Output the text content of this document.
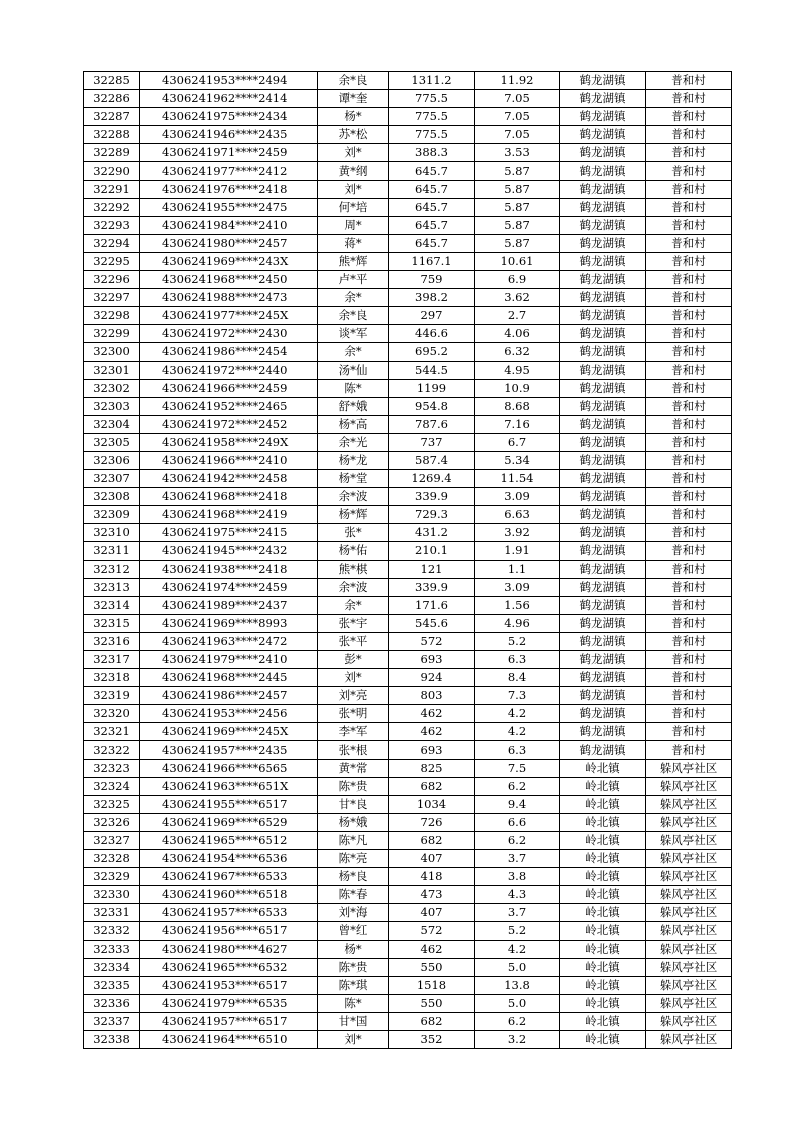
32285	4306241953****2494	余*良	1311.2	11.92	鹤龙湖镇	普和村
32286	4306241962****2414	谭*奎	775.5	7.05	鹤龙湖镇	普和村
32287	4306241975****2434	杨*	775.5	7.05	鹤龙湖镇	普和村
32288	4306241946****2435	苏*松	775.5	7.05	鹤龙湖镇	普和村
32289	4306241971****2459	刘*	388.3	3.53	鹤龙湖镇	普和村
32290	4306241977****2412	黄*纲	645.7	5.87	鹤龙湖镇	普和村
32291	4306241976****2418	刘*	645.7	5.87	鹤龙湖镇	普和村
32292	4306241955****2475	何*培	645.7	5.87	鹤龙湖镇	普和村
32293	4306241984****2410	周*	645.7	5.87	鹤龙湖镇	普和村
32294	4306241980****2457	蒋*	645.7	5.87	鹤龙湖镇	普和村
32295	4306241969****243X	熊*辉	1167.1	10.61	鹤龙湖镇	普和村
32296	4306241968****2450	卢*平	759	6.9	鹤龙湖镇	普和村
32297	4306241988****2473	余*	398.2	3.62	鹤龙湖镇	普和村
32298	4306241977****245X	余*良	297	2.7	鹤龙湖镇	普和村
32299	4306241972****2430	谈*军	446.6	4.06	鹤龙湖镇	普和村
32300	4306241986****2454	余*	695.2	6.32	鹤龙湖镇	普和村
32301	4306241972****2440	汤*仙	544.5	4.95	鹤龙湖镇	普和村
32302	4306241966****2459	陈*	1199	10.9	鹤龙湖镇	普和村
32303	4306241952****2465	舒*娥	954.8	8.68	鹤龙湖镇	普和村
32304	4306241972****2452	杨*高	787.6	7.16	鹤龙湖镇	普和村
32305	4306241958****249X	余*光	737	6.7	鹤龙湖镇	普和村
32306	4306241966****2410	杨*龙	587.4	5.34	鹤龙湖镇	普和村
32307	4306241942****2458	杨*堂	1269.4	11.54	鹤龙湖镇	普和村
32308	4306241968****2418	余*波	339.9	3.09	鹤龙湖镇	普和村
32309	4306241968****2419	杨*辉	729.3	6.63	鹤龙湖镇	普和村
32310	4306241975****2415	张*	431.2	3.92	鹤龙湖镇	普和村
32311	4306241945****2432	杨*佑	210.1	1.91	鹤龙湖镇	普和村
32312	4306241938****2418	熊*棋	121	1.1	鹤龙湖镇	普和村
32313	4306241974****2459	余*波	339.9	3.09	鹤龙湖镇	普和村
32314	4306241989****2437	余*	171.6	1.56	鹤龙湖镇	普和村
32315	4306241969****8993	张*宇	545.6	4.96	鹤龙湖镇	普和村
32316	4306241963****2472	张*平	572	5.2	鹤龙湖镇	普和村
32317	4306241979****2410	彭*	693	6.3	鹤龙湖镇	普和村
32318	4306241968****2445	刘*	924	8.4	鹤龙湖镇	普和村
32319	4306241986****2457	刘*亮	803	7.3	鹤龙湖镇	普和村
32320	4306241953****2456	张*明	462	4.2	鹤龙湖镇	普和村
32321	4306241969****245X	李*军	462	4.2	鹤龙湖镇	普和村
32322	4306241957****2435	张*根	693	6.3	鹤龙湖镇	普和村
32323	4306241966****6565	黄*常	825	7.5	岭北镇	躲风亭社区
32324	4306241963****651X	陈*贵	682	6.2	岭北镇	躲风亭社区
32325	4306241955****6517	甘*良	1034	9.4	岭北镇	躲风亭社区
32326	4306241969****6529	杨*娥	726	6.6	岭北镇	躲风亭社区
32327	4306241965****6512	陈*凡	682	6.2	岭北镇	躲风亭社区
32328	4306241954****6536	陈*亮	407	3.7	岭北镇	躲风亭社区
32329	4306241967****6533	杨*良	418	3.8	岭北镇	躲风亭社区
32330	4306241960****6518	陈*春	473	4.3	岭北镇	躲风亭社区
32331	4306241957****6533	刘*海	407	3.7	岭北镇	躲风亭社区
32332	4306241956****6517	曾*红	572	5.2	岭北镇	躲风亭社区
32333	4306241980****4627	杨*	462	4.2	岭北镇	躲风亭社区
32334	4306241965****6532	陈*贵	550	5.0	岭北镇	躲风亭社区
32335	4306241953****6517	陈*琪	1518	13.8	岭北镇	躲风亭社区
32336	4306241979****6535	陈*	550	5.0	岭北镇	躲风亭社区
32337	4306241957****6517	甘*国	682	6.2	岭北镇	躲风亭社区
32338	4306241964****6510	刘*	352	3.2	岭北镇	躲风亭社区
